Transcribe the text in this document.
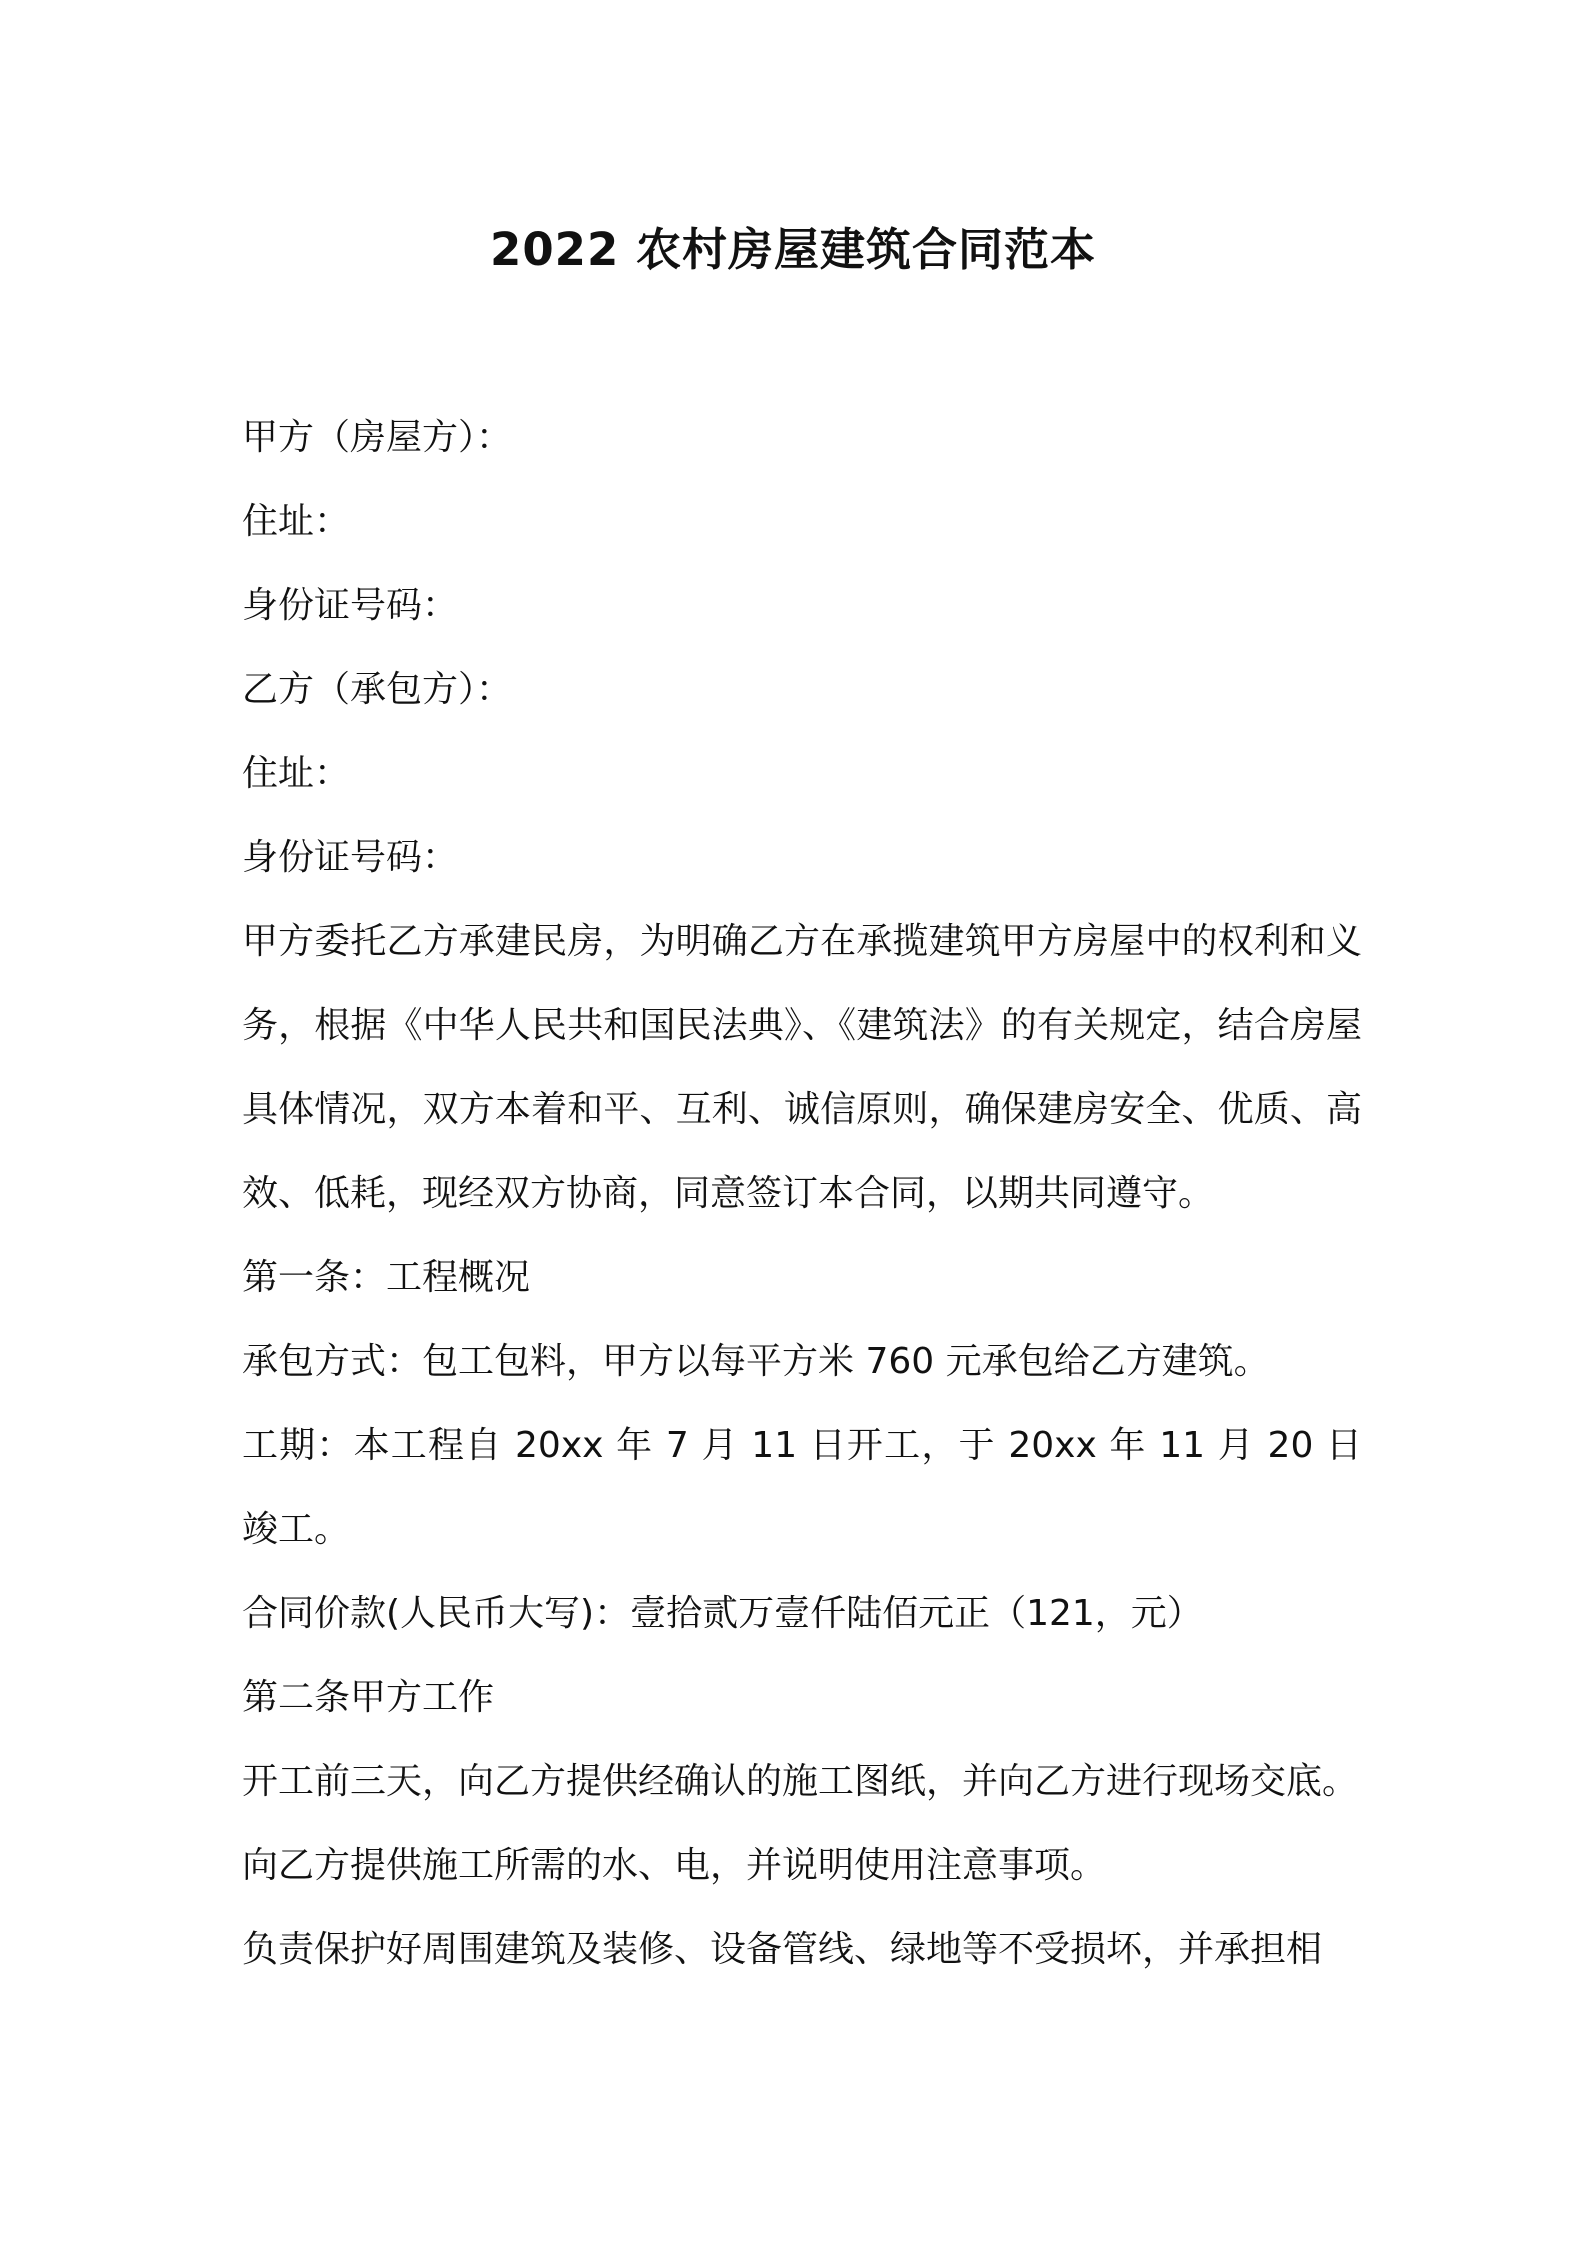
2022 农村房屋建筑合同范本
甲方（房屋方）：
住址：
身份证号码：
乙方（承包方）：
住址：
身份证号码：
甲方委托乙方承建民房，为明确乙方在承揽建筑甲方房屋中的权利和义务，根据《中华人民共和国民法典》、《建筑法》的有关规定，结合房屋具体情况，双方本着和平、互利、诚信原则，确保建房安全、优质、高效、低耗，现经双方协商，同意签订本合同，以期共同遵守。
第一条：工程概况
承包方式：包工包料，甲方以每平方米 760 元承包给乙方建筑。
工期：本工程自 20xx 年 7 月 11 日开工，于 20xx 年 11 月 20 日竣工。
合同价款(人民币大写)：壹拾贰万壹仟陆佰元正（121，元）
第二条甲方工作
开工前三天，向乙方提供经确认的施工图纸，并向乙方进行现场交底。
向乙方提供施工所需的水、电，并说明使用注意事项。
负责保护好周围建筑及装修、设备管线、绿地等不受损坏，并承担相
